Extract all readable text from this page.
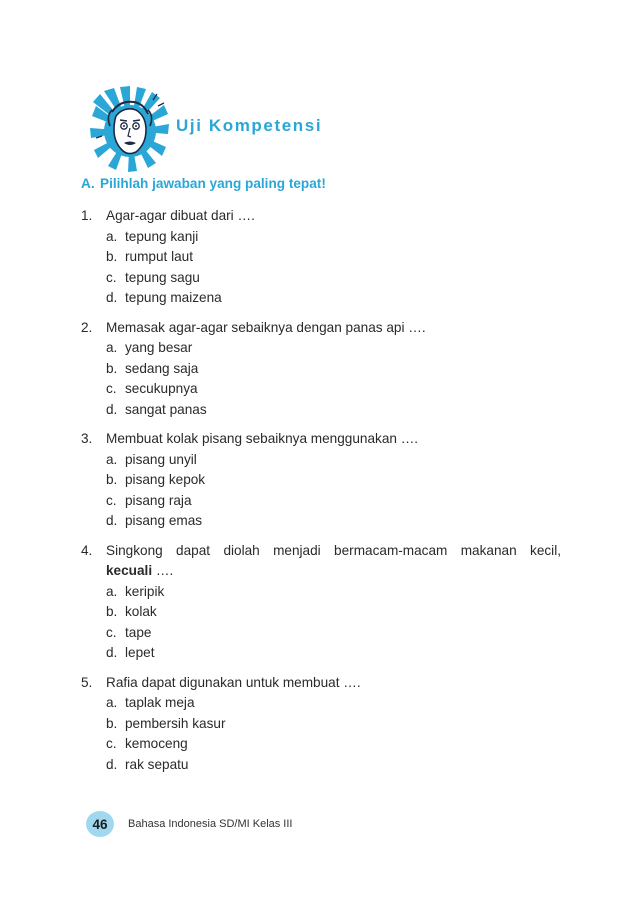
Uji Kompetensi
A. Pilihlah jawaban yang paling tepat!
1.	Agar-agar dibuat dari ….
a. tepung kanji
b. rumput laut
c. tepung sagu
d. tepung maizena
2.	Memasak agar-agar sebaiknya dengan panas api ….
a. yang besar
b. sedang saja
c. secukupnya
d. sangat panas
3.	Membuat kolak pisang sebaiknya menggunakan ….
a. pisang unyil
b. pisang kepok
c. pisang raja
d. pisang emas
4.	Singkong dapat diolah menjadi bermacam-macam makanan kecil,
kecuali ….
a. keripik
b. kolak
c. tape
d. lepet
5.	Rafia dapat digunakan untuk membuat ….
a. taplak meja
b. pembersih kasur
c. kemoceng
d. rak sepatu
46	Bahasa Indonesia SD/MI Kelas III
